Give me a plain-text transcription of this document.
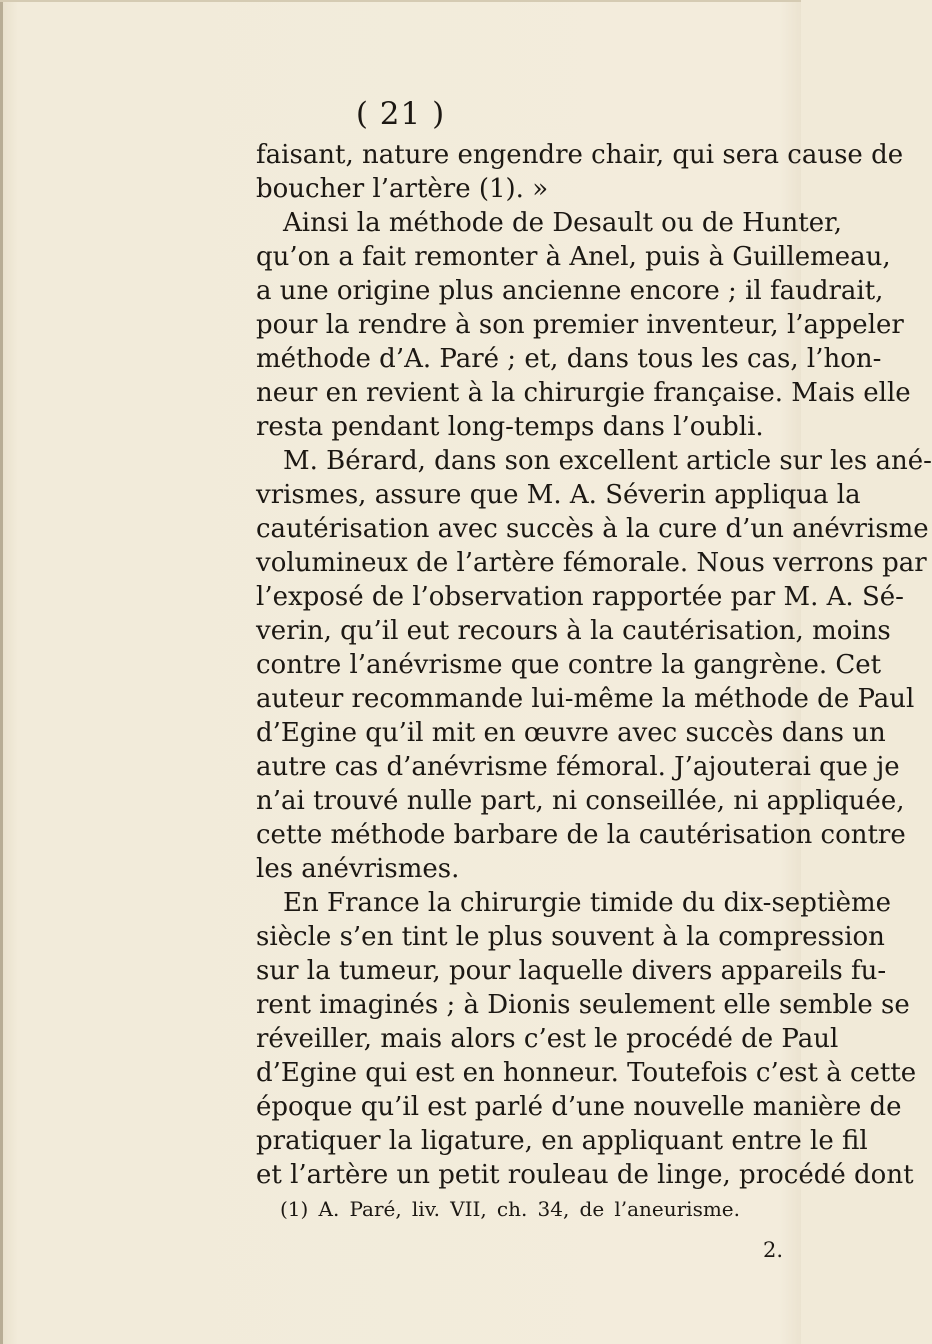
( 21 )
faisant, nature engendre chair, qui sera cause de
boucher l’artère (1). »
Ainsi la méthode de Desault ou de Hunter,
qu’on a fait remonter à Anel, puis à Guillemeau,
a une origine plus ancienne encore ; il faudrait,
pour la rendre à son premier inventeur, l’appeler
méthode d’A. Paré ; et, dans tous les cas, l’hon-
neur en revient à la chirurgie française. Mais elle
resta pendant long-temps dans l’oubli.
M. Bérard, dans son excellent article sur les ané-
vrismes, assure que M. A. Séverin appliqua la
cautérisation avec succès à la cure d’un anévrisme
volumineux de l’artère fémorale. Nous verrons par
l’exposé de l’observation rapportée par M. A. Sé-
verin, qu’il eut recours à la cautérisation, moins
contre l’anévrisme que contre la gangrène. Cet
auteur recommande lui-même la méthode de Paul
d’Egine qu’il mit en œuvre avec succès dans un
autre cas d’anévrisme fémoral. J’ajouterai que je
n’ai trouvé nulle part, ni conseillée, ni appliquée,
cette méthode barbare de la cautérisation contre
les anévrismes.
En France la chirurgie timide du dix-septième
siècle s’en tint le plus souvent à la compression
sur la tumeur, pour laquelle divers appareils fu-
rent imaginés ; à Dionis seulement elle semble se
réveiller, mais alors c’est le procédé de Paul
d’Egine qui est en honneur. Toutefois c’est à cette
époque qu’il est parlé d’une nouvelle manière de
pratiquer la ligature, en appliquant entre le fil
et l’artère un petit rouleau de linge, procédé dont
(1) A. Paré, liv. VII, ch. 34, de l’aneurisme.
2.
